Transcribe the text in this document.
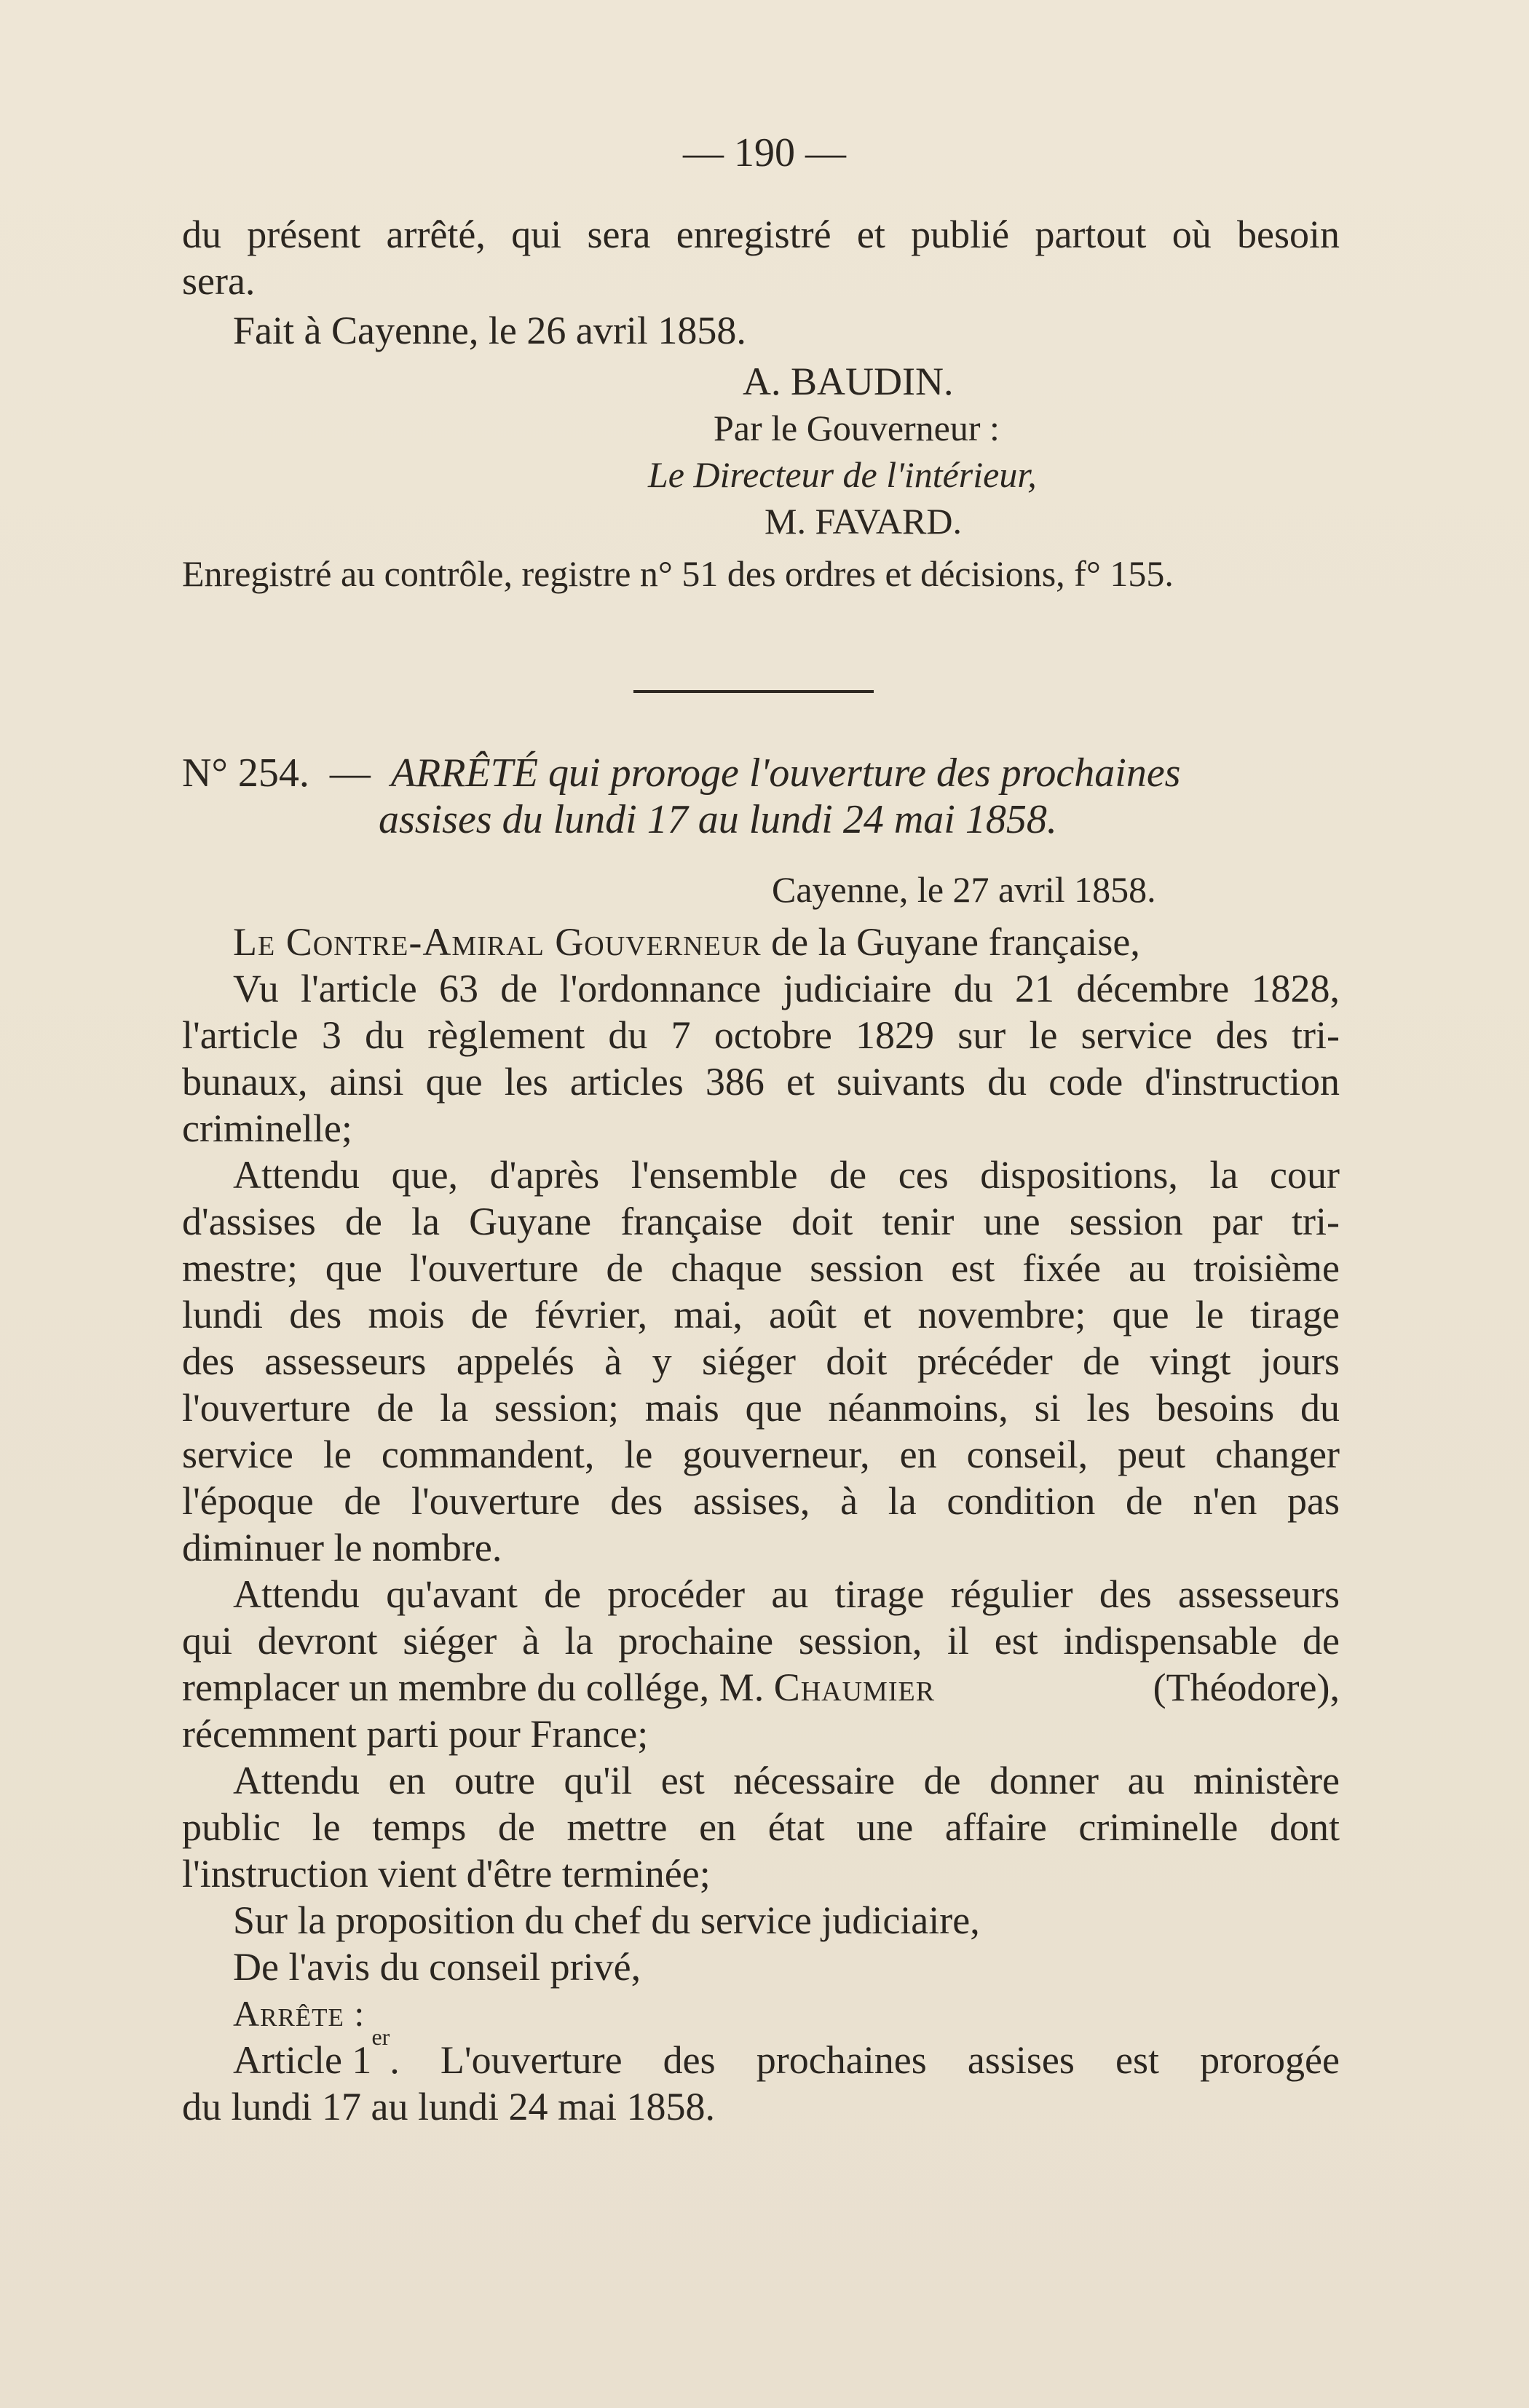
— 190 —
du présent arrêté, qui sera enregistré et publié partout où besoin
sera.
Fait à Cayenne, le 26 avril 1858.
A. BAUDIN.
Par le Gouverneur :
Le Directeur de l'intérieur,
M. FAVARD.
Enregistré au contrôle, registre n° 51 des ordres et décisions, f° 155.
N° 254. — ARRÊTÉ qui proroge l'ouverture des prochaines
assises du lundi 17 au lundi 24 mai 1858.
Cayenne, le 27 avril 1858.
Le Contre-Amiral Gouverneur de la Guyane française,
Vu l'article 63 de l'ordonnance judiciaire du 21 décembre 1828,
l'article 3 du règlement du 7 octobre 1829 sur le service des tri-
bunaux, ainsi que les articles 386 et suivants du code d'instruction
criminelle;
Attendu que, d'après l'ensemble de ces dispositions, la cour
d'assises de la Guyane française doit tenir une session par tri-
mestre; que l'ouverture de chaque session est fixée au troisième
lundi des mois de février, mai, août et novembre; que le tirage
des assesseurs appelés à y siéger doit précéder de vingt jours
l'ouverture de la session; mais que néanmoins, si les besoins du
service le commandent, le gouverneur, en conseil, peut changer
l'époque de l'ouverture des assises, à la condition de n'en pas
diminuer le nombre.
Attendu qu'avant de procéder au tirage régulier des assesseurs
qui devront siéger à la prochaine session, il est indispensable de
remplacer un membre du collége, M. Chaumier	(Théodore),
récemment parti pour France;
Attendu en outre qu'il est nécessaire de donner au ministère
public le temps de mettre en état une affaire criminelle dont
l'instruction vient d'être terminée;
Sur la proposition du chef du service judiciaire,
De l'avis du conseil privé,
Arrête :
Article 1
er
. L'ouverture des prochaines assises est prorogée
du lundi 17 au lundi 24 mai 1858.
